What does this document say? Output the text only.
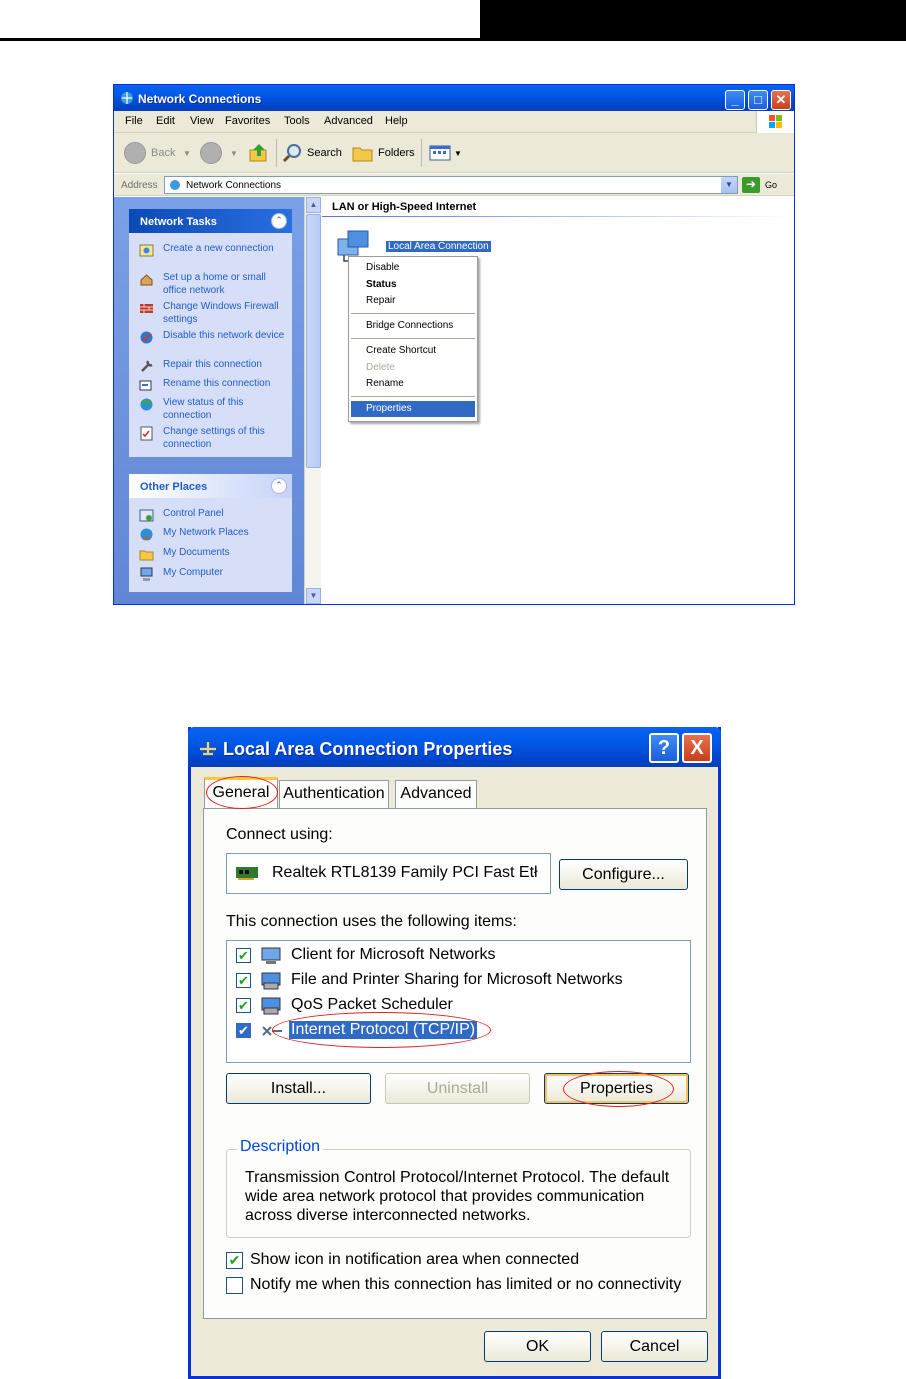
Network Connections	_	□	✕
File Edit View Favorites Tools Advanced Help
Back ▼	▼	Search	Folders	▼
Address	Network Connections	▼	➜ Go
Network Tasks	⌃
Create a new connection
Set up a home or small office network
Change Windows Firewall settings
Disable this network device
Repair this connection
Rename this connection
View status of this connection
Change settings of this connection
Other Places	⌃
Control Panel
My Network Places
My Documents
My Computer
▲
▼
LAN or High-Speed Internet
Local Area Connection
Disable
Status
Repair
Bridge Connections
Create Shortcut
Delete
Rename
Properties
Local Area Connection Properties	?	X
General Authentication Advanced
Connect using:
Realtek RTL8139 Family PCI Fast Etł	Configure...
This connection uses the following items:
✔	Client for Microsoft Networks
✔	File and Printer Sharing for Microsoft Networks
✔	QoS Packet Scheduler
✔	Internet Protocol (TCP/IP)
Install...	Uninstall	Properties
Description
Transmission Control Protocol/Internet Protocol. The default wide area network protocol that provides communication across diverse interconnected networks.
✔ Show icon in notification area when connected
Notify me when this connection has limited or no connectivity
OK	Cancel
